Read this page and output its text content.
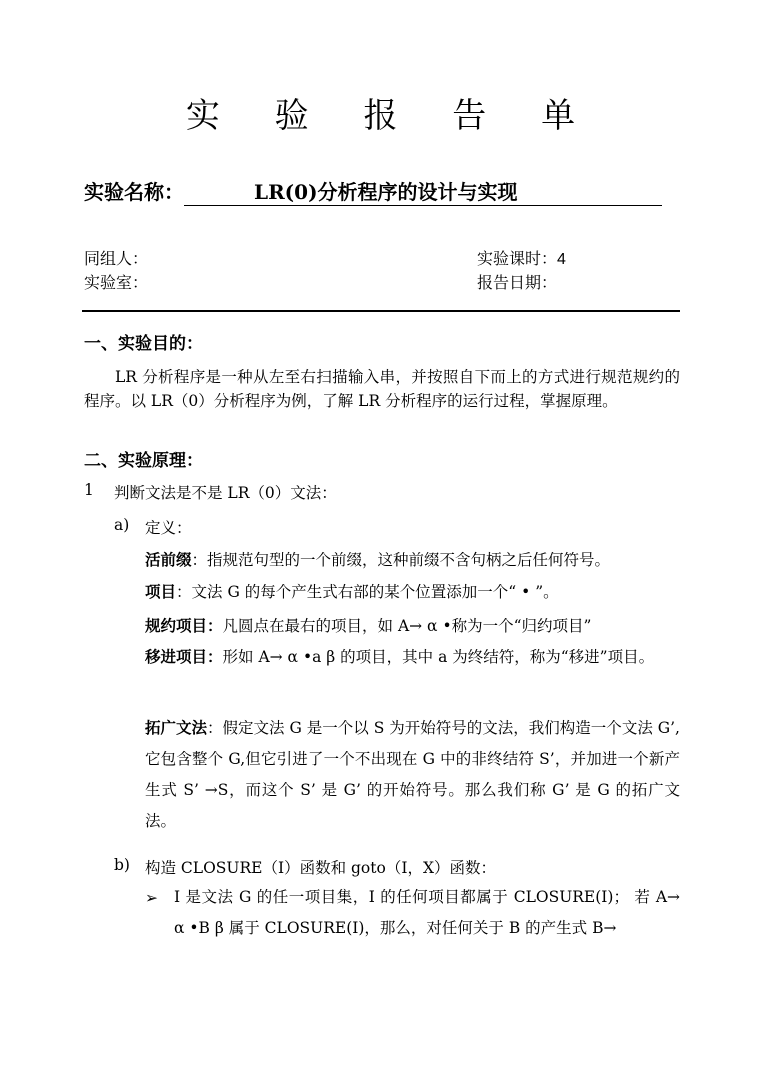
实 验 报 告 单
实验名称：	LR(0)分析程序的设计与实现
同组人：
实验室：
实验课时：4
报告日期：
一、实验目的：
LR 分析程序是一种从左至右扫描输入串，并按照自下而上的方式进行规范规约的程序。以 LR（0）分析程序为例，了解 LR 分析程序的运行过程，掌握原理。
二、实验原理：
1 判断文法是不是 LR（0）文法：
a) 定义：
活前缀：指规范句型的一个前缀，这种前缀不含句柄之后任何符号。
项目：文法 G 的每个产生式右部的某个位置添加一个“ • ”。
规约项目：凡圆点在最右的项目，如 A→ α •称为一个“归约项目”
移进项目：形如 A→ α •a β 的项目，其中 a 为终结符，称为“移进”项目。
拓广文法：假定文法 G 是一个以 S 为开始符号的文法，我们构造一个文法 G’,它包含整个 G,但它引进了一个不出现在 G 中的非终结符 S’，并加进一个新产生式 S’ →S，而这个 S’ 是 G’ 的开始符号。那么我们称 G’ 是 G 的拓广文法。
b) 构造 CLOSURE（I）函数和 goto（I，X）函数：
➢ I 是文法 G 的任一项目集，I 的任何项目都属于 CLOSURE(I)； 若 A→ α •B β 属于 CLOSURE(I)，那么，对任何关于 B 的产生式 B→
